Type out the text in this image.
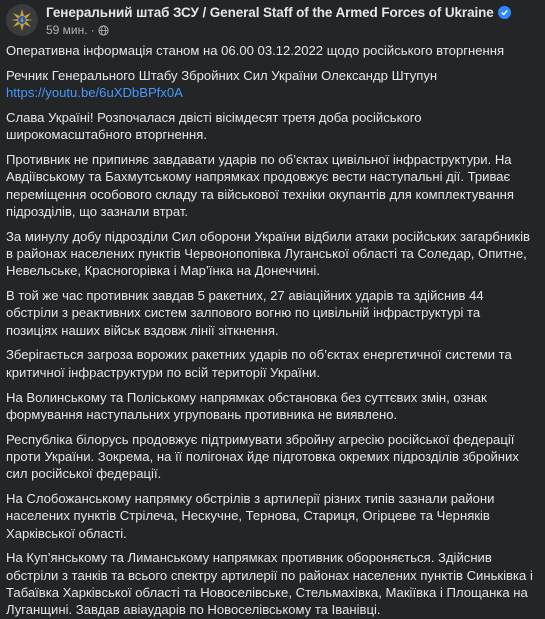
Генеральний штаб ЗСУ / General Staff of the Armed Forces of Ukraine
59 мин. ·

Оперативна інформація станом на 06.00 03.12.2022 щодо російського вторгнення

Речник Генерального Штабу Збройних Сил України Олександр Штупун

https://youtu.be/6uXDbBPfx0A

Слава Україні! Розпочалася двісті вісімдесят третя доба російського широкомасштабного вторгнення.

Противник не припиняє завдавати ударів по об’єктах цивільної інфраструктури. На Авдіївському та Бахмутському напрямках продовжує вести наступальні дії. Триває переміщення особового складу та військової техніки окупантів для комплектування підрозділів, що зазнали втрат.

За минулу добу підрозділи Сил оборони України відбили атаки російських загарбників в районах населених пунктів Червонопопівка Луганської області та Соледар, Опитне, Невельське, Красногорівка і Мар’їнка на Донеччині.

В той же час противник завдав 5 ракетних, 27 авіаційних ударів та здійснив 44 обстріли з реактивних систем залпового вогню по цивільній інфраструктурі та позиціях наших військ вздовж лінії зіткнення.

Зберігається загроза ворожих ракетних ударів по об’єктах енергетичної системи та критичної інфраструктури по всій території України.

На Волинському та Поліському напрямках обстановка без суттєвих змін, ознак формування наступальних угруповань противника не виявлено.

Республіка білорусь продовжує підтримувати збройну агресію російської федерації проти України. Зокрема, на її полігонах йде підготовка окремих підрозділів збройних сил російської федерації.

На Слобожанському напрямку обстрілів з артилерії різних типів зазнали райони населених пунктів Стрілеча, Нескучне, Тернова, Стариця, Огірцеве та Черняків Харківської області.

На Куп’янському та Лиманському напрямках противник обороняється. Здійснив обстріли з танків та всього спектру артилерії по районах населених пунктів Синьківка і Табаївка Харківської області та Новоселівське, Стельмахівка, Макіївка і Площанка на Луганщині. Завдав авіаударів по Новоселівському та Іванівці.
